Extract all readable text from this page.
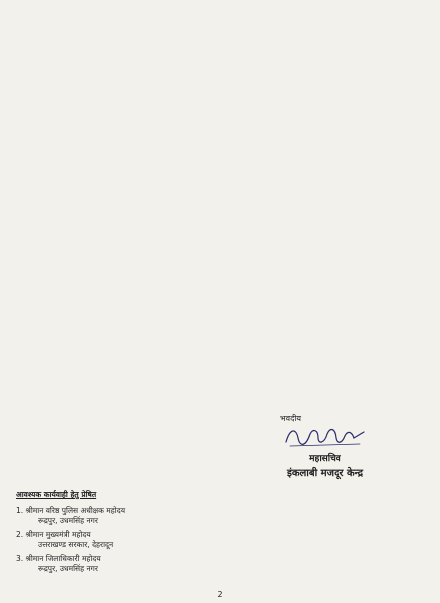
भवदीय
महासचिव
इंकलाबी मजदूर केन्द्र
आवश्यक कार्यवाही हेतु प्रेषित
1. श्रीमान वरिष्ठ पुलिस अधीक्षक महोदय
रूद्रपुर, उधमसिंह नगर
2. श्रीमान मुख्यमंत्री महोदय
उत्तराखण्ड सरकार, देहरादून
3. श्रीमान जिलाधिकारी महोदय
रूद्रपुर, उधमसिंह नगर
2
